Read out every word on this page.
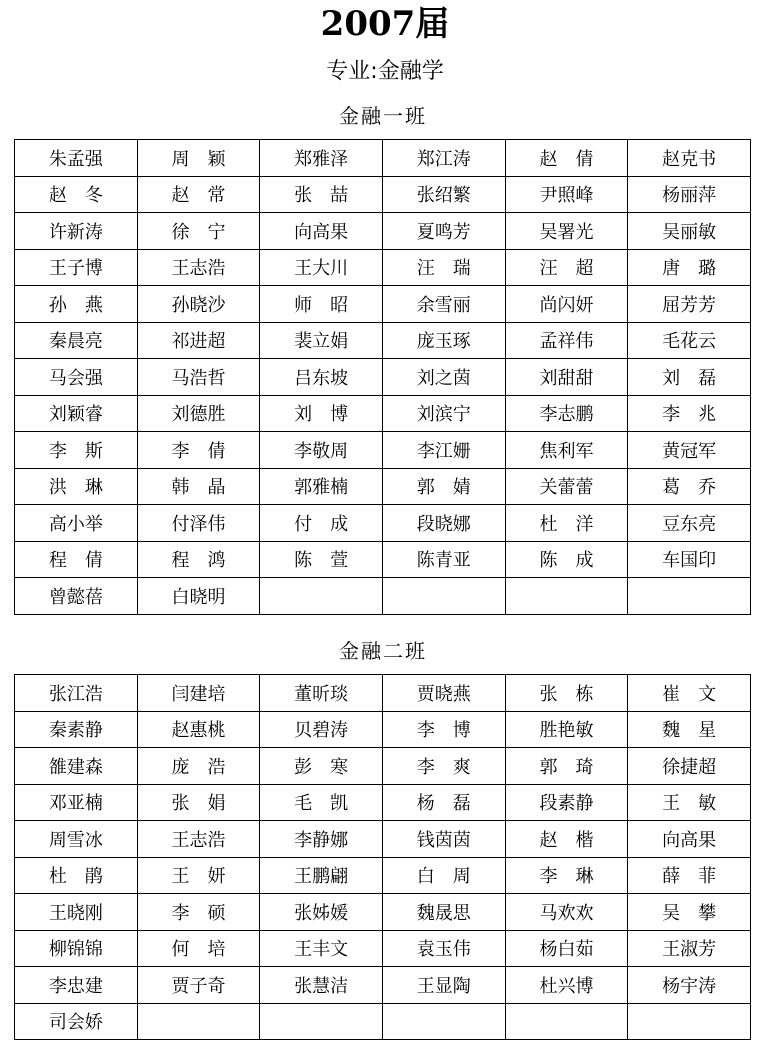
2007届
专业:金融学
金融一班
朱孟强	周　颖	郑雅泽	郑江涛	赵　倩	赵克书
赵　冬	赵　常	张　喆	张绍繁	尹照峰	杨丽萍
许新涛	徐　宁	向高果	夏鸣芳	吴署光	吴丽敏
王子博	王志浩	王大川	汪　瑞	汪　超	唐　璐
孙　燕	孙晓沙	师　昭	余雪丽	尚闪妍	屈芳芳
秦晨亮	祁进超	裴立娟	庞玉琢	孟祥伟	毛花云
马会强	马浩哲	吕东坡	刘之茵	刘甜甜	刘　磊
刘颖睿	刘德胜	刘　博	刘滨宁	李志鹏	李　兆
李　斯	李　倩	李敬周	李江姗	焦利军	黄冠军
洪　琳	韩　晶	郭雅楠	郭　婧	关蕾蕾	葛　乔
高小举	付泽伟	付　成	段晓娜	杜　洋	豆东亮
程　倩	程　鸿	陈　萱	陈青亚	陈　成	车国印
曾懿蓓	白晓明				
金融二班
张江浩	闫建培	董昕琰	贾晓燕	张　栋	崔　文
秦素静	赵惠桃	贝碧涛	李　博	胜艳敏	魏　星
雒建森	庞　浩	彭　寒	李　爽	郭　琦	徐捷超
邓亚楠	张　娟	毛　凯	杨　磊	段素静	王　敏
周雪冰	王志浩	李静娜	钱茵茵	赵　楷	向高果
杜　鹃	王　妍	王鹏翩	白　周	李　琳	薛　菲
王晓刚	李　硕	张姊媛	魏晟思	马欢欢	吴　攀
柳锦锦	何　培	王丰文	袁玉伟	杨白茹	王淑芳
李忠建	贾子奇	张慧洁	王显陶	杜兴博	杨宇涛
司会娇					
